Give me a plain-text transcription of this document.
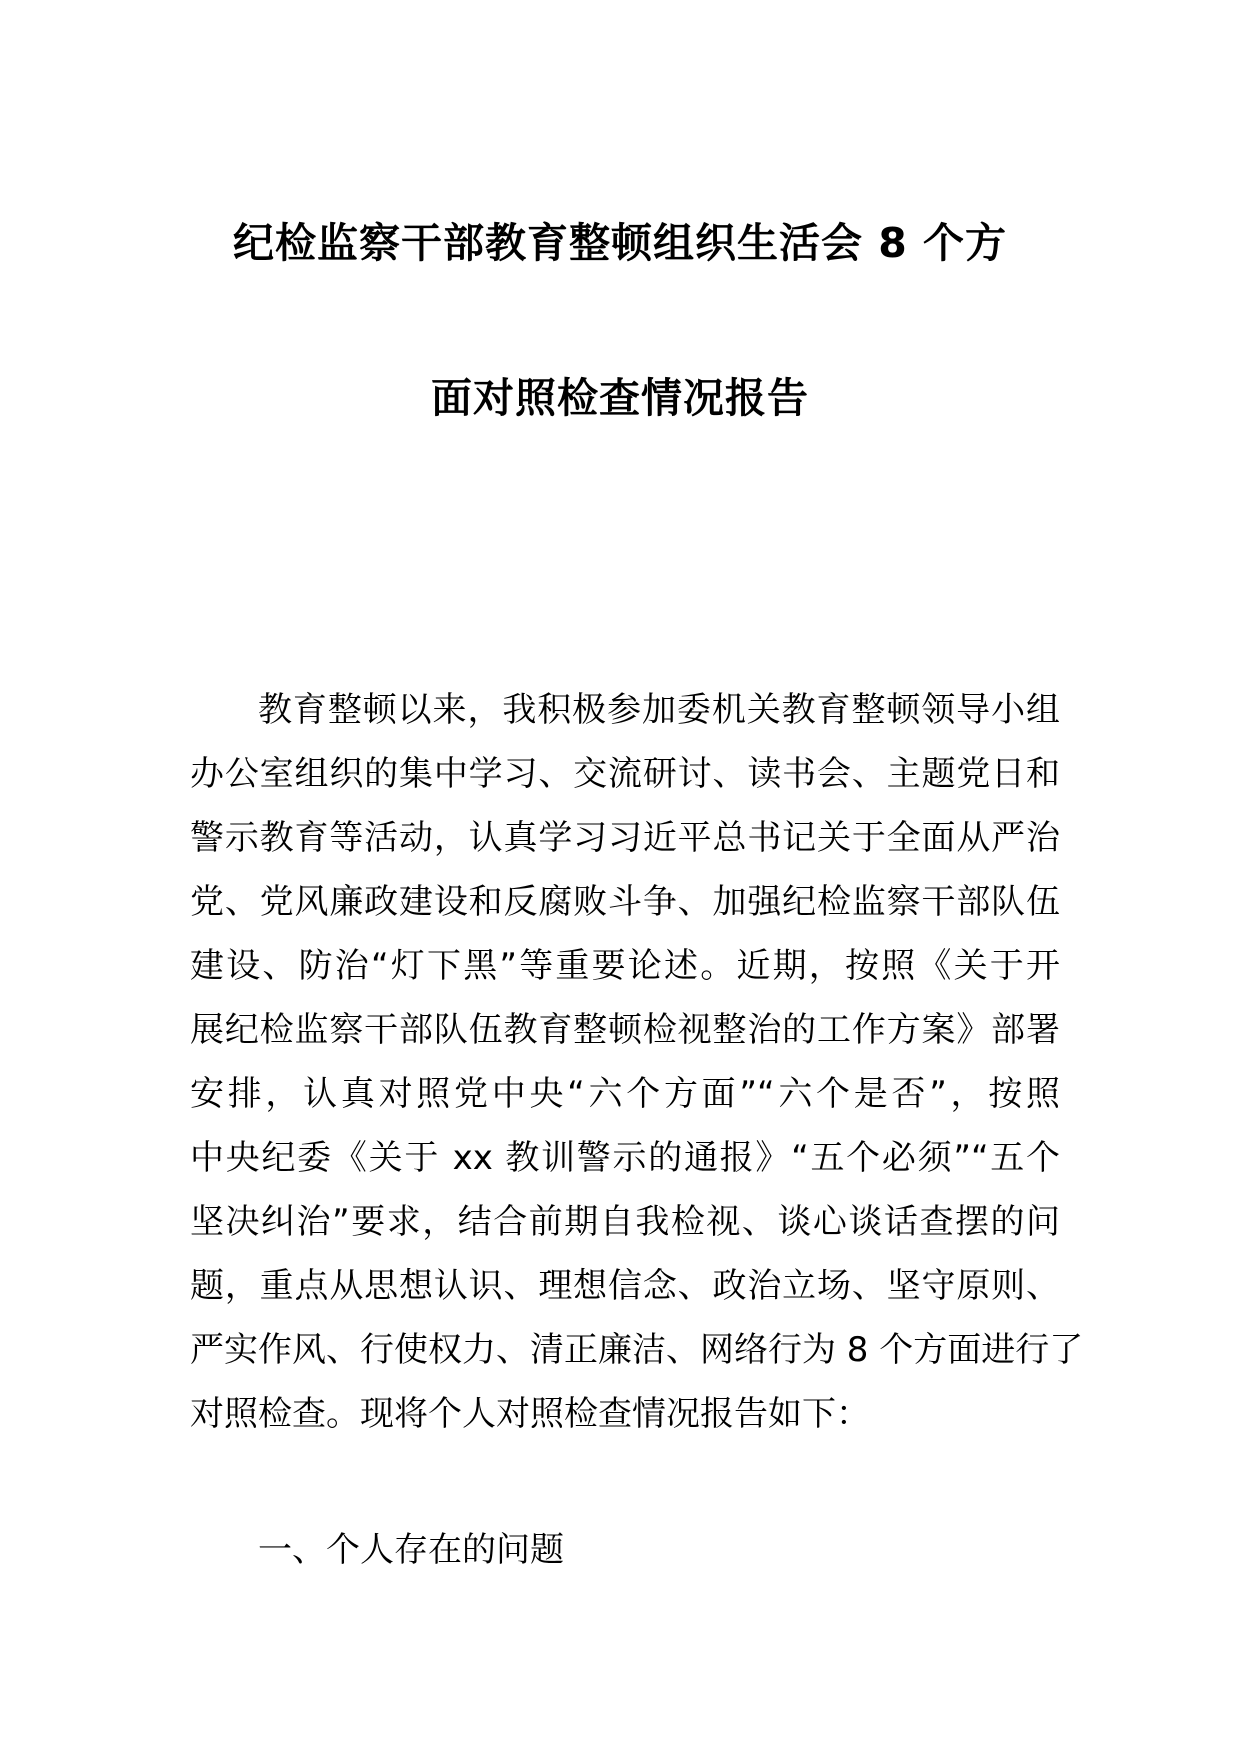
纪检监察干部教育整顿组织生活会 8 个方
面对照检查情况报告
教育整顿以来，我积极参加委机关教育整顿领导小组
办公室组织的集中学习、交流研讨、读书会、主题党日和
警示教育等活动，认真学习习近平总书记关于全面从严治
党、党风廉政建设和反腐败斗争、加强纪检监察干部队伍
建设、防治“灯下黑”等重要论述。近期，按照《关于开
展纪检监察干部队伍教育整顿检视整治的工作方案》部署
安排，认真对照党中央“六个方面”“六个是否”，按照
中央纪委《关于 xx 教训警示的通报》“五个必须”“五个
坚决纠治”要求，结合前期自我检视、谈心谈话查摆的问
题，重点从思想认识、理想信念、政治立场、坚守原则、
严实作风、行使权力、清正廉洁、网络行为 8 个方面进行了
对照检查。现将个人对照检查情况报告如下：
一、个人存在的问题
